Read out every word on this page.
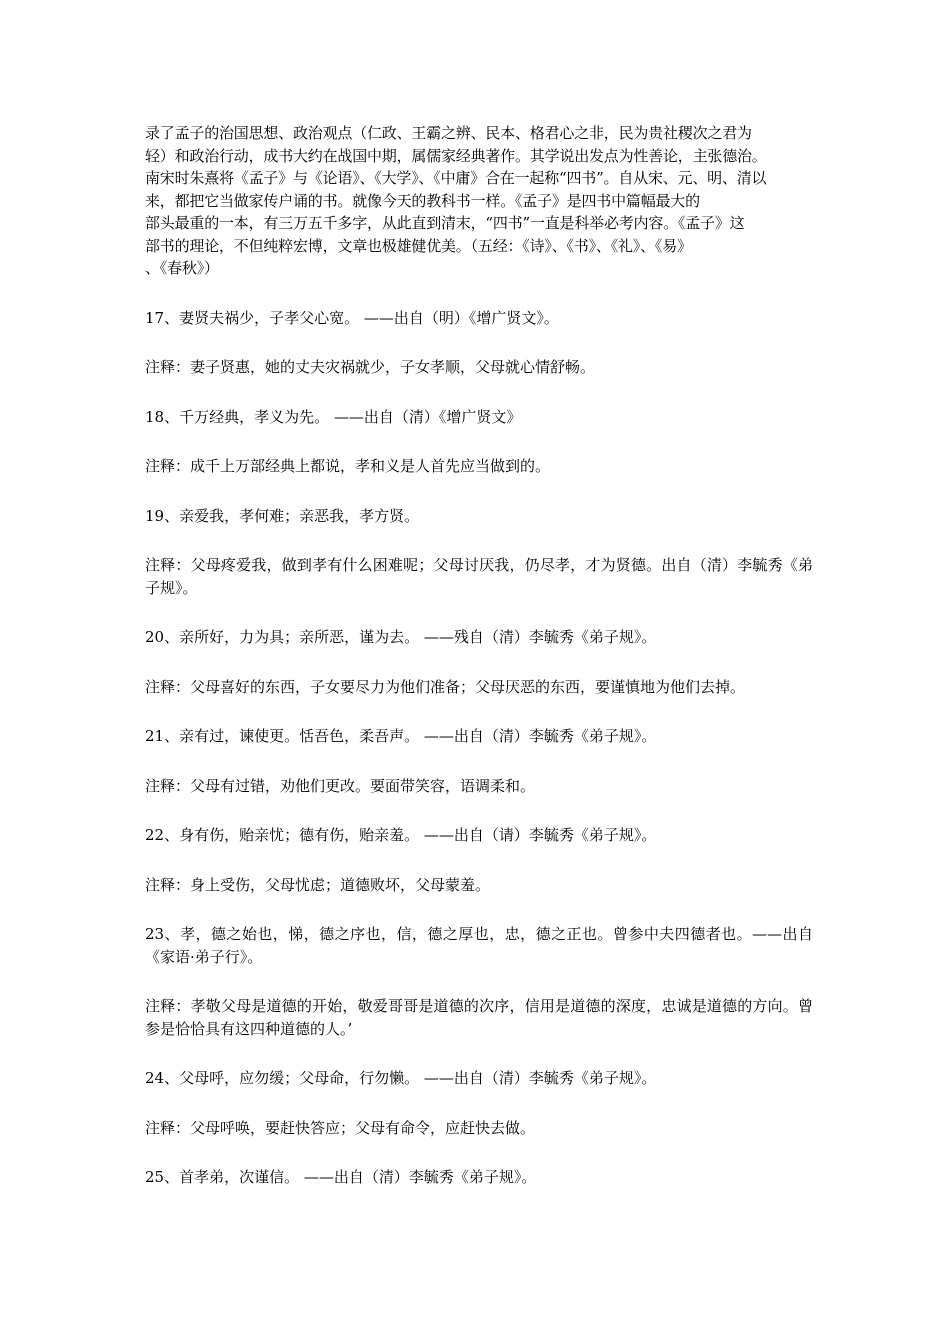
录了孟子的治国思想、政治观点（仁政、王霸之辨、民本、格君心之非，民为贵社稷次之君为
轻）和政治行动，成书大约在战国中期，属儒家经典著作。其学说出发点为性善论，主张德治。
南宋时朱熹将《孟子》与《论语》、《大学》、《中庸》合在一起称“四书”。自从宋、元、明、清以
来，都把它当做家传户诵的书。就像今天的教科书一样。《孟子》是四书中篇幅最大的
部头最重的一本，有三万五千多字，从此直到清末，“四书”一直是科举必考内容。《孟子》这
部书的理论，不但纯粹宏博，文章也极雄健优美。（五经：《诗》、《书》、《礼》、《易》
、《春秋》）

17、妻贤夫祸少，子孝父心宽。 ——出自（明）《增广贤文》。

注释：妻子贤惠，她的丈夫灾祸就少，子女孝顺，父母就心情舒畅。

18、千万经典，孝义为先。 ——出自（清）《增广贤文》

注释：成千上万部经典上都说，孝和义是人首先应当做到的。

19、亲爱我，孝何难；亲恶我，孝方贤。

注释：父母疼爱我，做到孝有什么困难呢；父母讨厌我，仍尽孝，才为贤德。出自（清）李毓秀《弟子规》。

20、亲所好，力为具；亲所恶，谨为去。 ——残自（清）李毓秀《弟子规》。

注释：父母喜好的东西，子女要尽力为他们准备；父母厌恶的东西，要谨慎地为他们去掉。

21、亲有过，谏使更。恬吾色，柔吾声。 ——出自（清）李毓秀《弟子规》。

注释：父母有过错，劝他们更改。要面带笑容，语调柔和。

22、身有伤，贻亲忧；德有伤，贻亲羞。 ——出自（请）李毓秀《弟子规》。

注释：身上受伤，父母忧虑；道德败坏，父母蒙羞。

23、孝，德之始也，悌，德之序也，信，德之厚也，忠，德之正也。曾参中夫四德者也。——出自《家语·弟子行》。

注释：孝敬父母是道德的开始，敬爱哥哥是道德的次序，信用是道德的深度，忠诚是道德的方向。曾参是恰恰具有这四种道德的人。’

24、父母呼，应勿缓；父母命，行勿懒。 ——出自（清）李毓秀《弟子规》。

注释：父母呼唤，要赶快答应；父母有命令，应赶快去做。

25、首孝弟，次谨信。 ——出自（清）李毓秀《弟子规》。
